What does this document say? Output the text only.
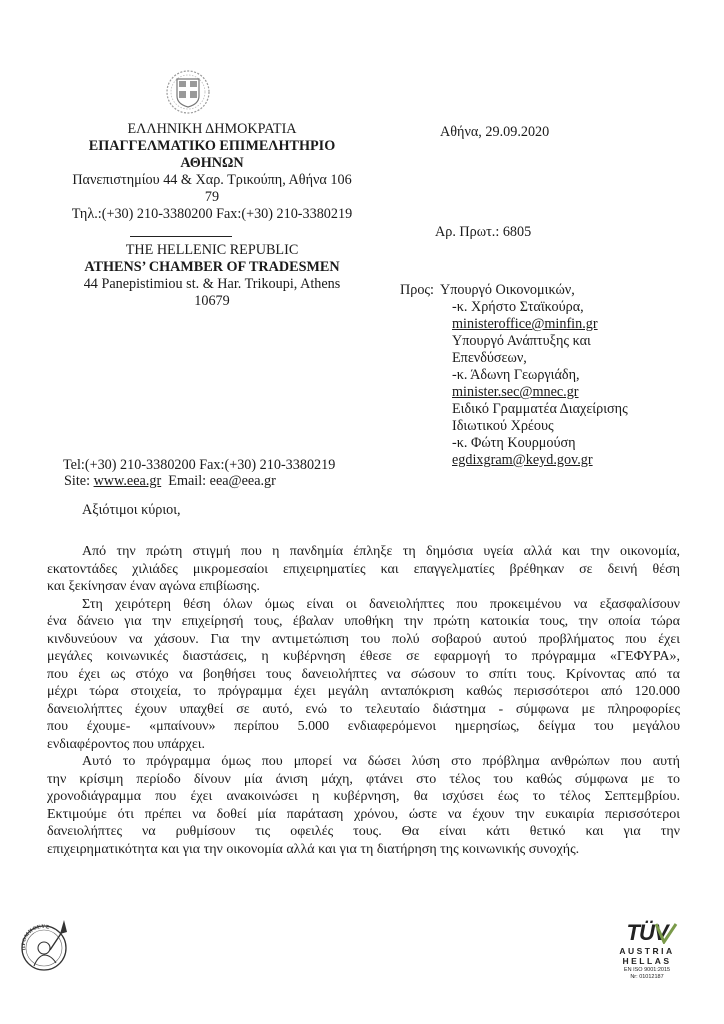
ΕΛΛΗΝΙΚΗ ΔΗΜΟΚΡΑΤΙΑ
ΕΠΑΓΓΕΛΜΑΤΙΚΟ ΕΠΙΜΕΛΗΤΗΡΙΟ
ΑΘΗΝΩΝ
Πανεπιστημίου 44 & Χαρ. Τρικούπη, Αθήνα 106
79
Τηλ.:(+30) 210-3380200 Fax:(+30) 210-3380219
THE HELLENIC REPUBLIC
ATHENS’ CHAMBER OF TRADESMEN
44 Panepistimiou st. & Har. Trikoupi, Athens
10679
Αθήνα, 29.09.2020
Αρ. Πρωτ.: 6805
Προς: Υπουργό Οικονομικών,
-κ. Χρήστο Σταϊκούρα,
ministeroffice@minfin.gr
Υπουργό Ανάπτυξης και
Επενδύσεων,
-κ. Άδωνη Γεωργιάδη,
minister.sec@mnec.gr
Ειδικό Γραμματέα Διαχείρισης
Ιδιωτικού Χρέους
-κ. Φώτη Κουρμούση
egdixgram@keyd.gov.gr
Tel:(+30) 210-3380200 Fax:(+30) 210-3380219
Site: www.eea.gr Email: eea@eea.gr
Αξιότιμοι κύριοι,
Από την πρώτη στιγμή που η πανδημία έπληξε τη δημόσια υγεία αλλά και την οικονομία,
εκατοντάδες χιλιάδες μικρομεσαίοι επιχειρηματίες και επαγγελματίες βρέθηκαν σε δεινή θέση
και ξεκίνησαν έναν αγώνα επιβίωσης.
Στη χειρότερη θέση όλων όμως είναι οι δανειολήπτες που προκειμένου να εξασφαλίσουν
ένα δάνειο για την επιχείρησή τους, έβαλαν υποθήκη την πρώτη κατοικία τους, την οποία τώρα
κινδυνεύουν να χάσουν. Για την αντιμετώπιση του πολύ σοβαρού αυτού προβλήματος που έχει
μεγάλες κοινωνικές διαστάσεις, η κυβέρνηση έθεσε σε εφαρμογή το πρόγραμμα «ΓΕΦΥΡΑ»,
που έχει ως στόχο να βοηθήσει τους δανειολήπτες να σώσουν το σπίτι τους. Κρίνοντας από τα
μέχρι τώρα στοιχεία, το πρόγραμμα έχει μεγάλη ανταπόκριση καθώς περισσότεροι από 120.000
δανειολήπτες έχουν υπαχθεί σε αυτό, ενώ το τελευταίο διάστημα - σύμφωνα με πληροφορίες
που έχουμε- «μπαίνουν» περίπου 5.000 ενδιαφερόμενοι ημερησίως, δείγμα του μεγάλου
ενδιαφέροντος που υπάρχει.
Αυτό το πρόγραμμα όμως που μπορεί να δώσει λύση στο πρόβλημα ανθρώπων που αυτή
την κρίσιμη περίοδο δίνουν μία άνιση μάχη, φτάνει στο τέλος του καθώς σύμφωνα με το
χρονοδιάγραμμα που έχει ανακοινώσει η κυβέρνηση, θα ισχύσει έως το τέλος Σεπτεμβρίου.
Εκτιμούμε ότι πρέπει να δοθεί μία παράταση χρόνου, ώστε να έχουν την ευκαιρία περισσότεροι
δανειολήπτες να ρυθμίσουν τις οφειλές τους. Θα είναι κάτι θετικό και για την
επιχειρηματικότητα και για την οικονομία αλλά και για τη διατήρηση της κοινωνικής συνοχής.
ΠΡΟΜΗΘΕΥΣ	TÜV
AUSTRIA
HELLAS
EN ISO 9001:2015
Nr: 01012187
